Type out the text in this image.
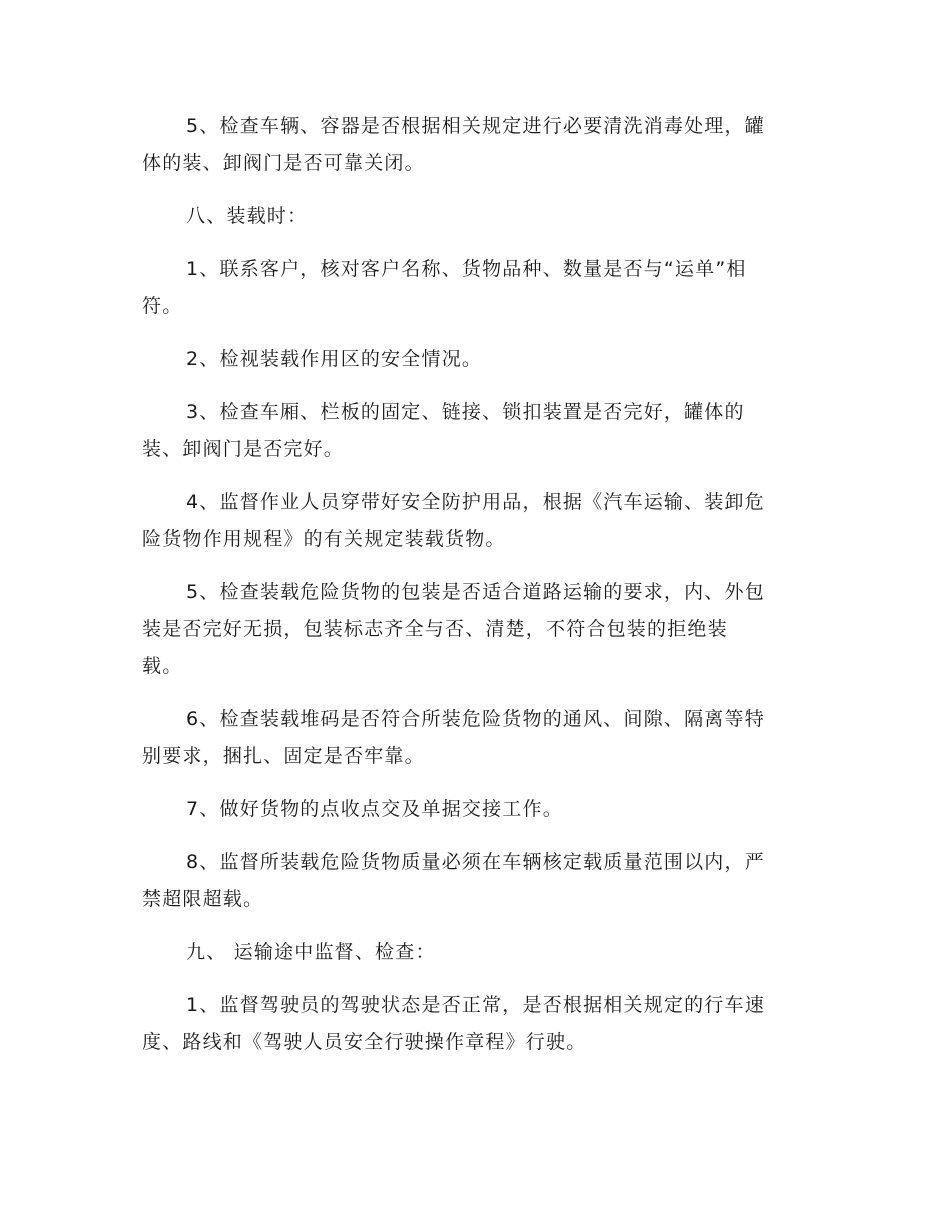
5、检查车辆、容器是否根据相关规定进行必要清洗消毒处理，罐
体的装、卸阀门是否可靠关闭。

八、装载时：

1、联系客户，核对客户名称、货物品种、数量是否与“运单”相
符。

2、检视装载作用区的安全情况。

3、检查车厢、栏板的固定、链接、锁扣装置是否完好，罐体的
装、卸阀门是否完好。

4、监督作业人员穿带好安全防护用品，根据《汽车运输、装卸危
险货物作用规程》的有关规定装载货物。

5、检查装载危险货物的包装是否适合道路运输的要求，内、外包
装是否完好无损，包装标志齐全与否、清楚，不符合包装的拒绝装
载。

6、检查装载堆码是否符合所装危险货物的通风、间隙、隔离等特
别要求，捆扎、固定是否牢靠。

7、做好货物的点收点交及单据交接工作。

8、监督所装载危险货物质量必须在车辆核定载质量范围以内，严
禁超限超载。

九、 运输途中监督、检查：

1、监督驾驶员的驾驶状态是否正常，是否根据相关规定的行车速
度、路线和《驾驶人员安全行驶操作章程》行驶。
